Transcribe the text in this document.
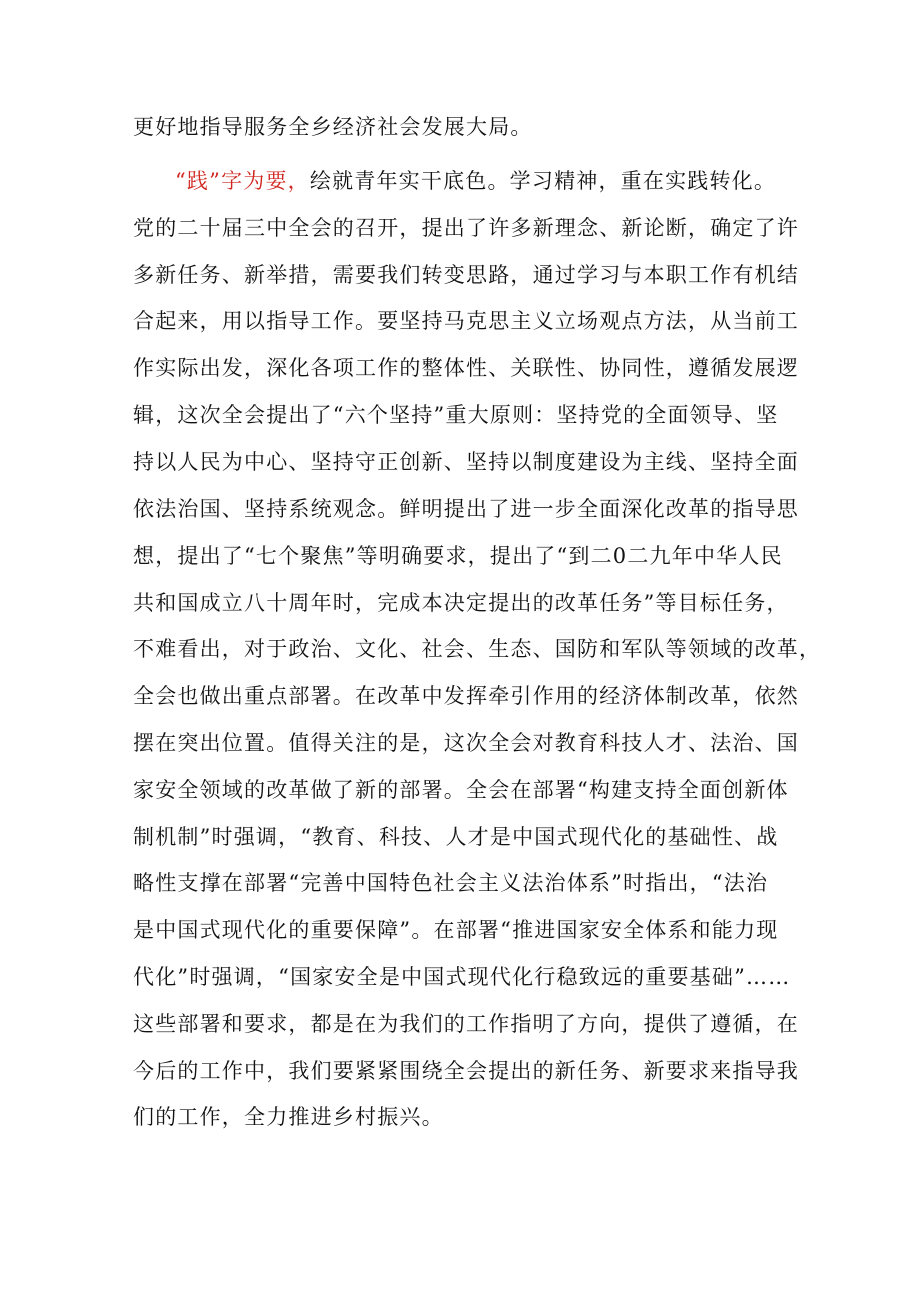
更好地指导服务全乡经济社会发展大局。
“践”字为要，绘就青年实干底色。学习精神，重在实践转化。
党的二十届三中全会的召开，提出了许多新理念、新论断，确定了许
多新任务、新举措，需要我们转变思路，通过学习与本职工作有机结
合起来，用以指导工作。要坚持马克思主义立场观点方法，从当前工
作实际出发，深化各项工作的整体性、关联性、协同性，遵循发展逻
辑，这次全会提出了“六个坚持”重大原则：坚持党的全面领导、坚
持以人民为中心、坚持守正创新、坚持以制度建设为主线、坚持全面
依法治国、坚持系统观念。鲜明提出了进一步全面深化改革的指导思
想，提出了“七个聚焦”等明确要求，提出了“到二0二九年中华人民
共和国成立八十周年时，完成本决定提出的改革任务”等目标任务，
不难看出，对于政治、文化、社会、生态、国防和军队等领域的改革，
全会也做出重点部署。在改革中发挥牵引作用的经济体制改革，依然
摆在突出位置。值得关注的是，这次全会对教育科技人才、法治、国
家安全领域的改革做了新的部署。全会在部署“构建支持全面创新体
制机制”时强调，“教育、科技、人才是中国式现代化的基础性、战
略性支撑在部署“完善中国特色社会主义法治体系”时指出，“法治
是中国式现代化的重要保障”。在部署“推进国家安全体系和能力现
代化”时强调，“国家安全是中国式现代化行稳致远的重要基础”……
这些部署和要求，都是在为我们的工作指明了方向，提供了遵循，在
今后的工作中，我们要紧紧围绕全会提出的新任务、新要求来指导我
们的工作，全力推进乡村振兴。
